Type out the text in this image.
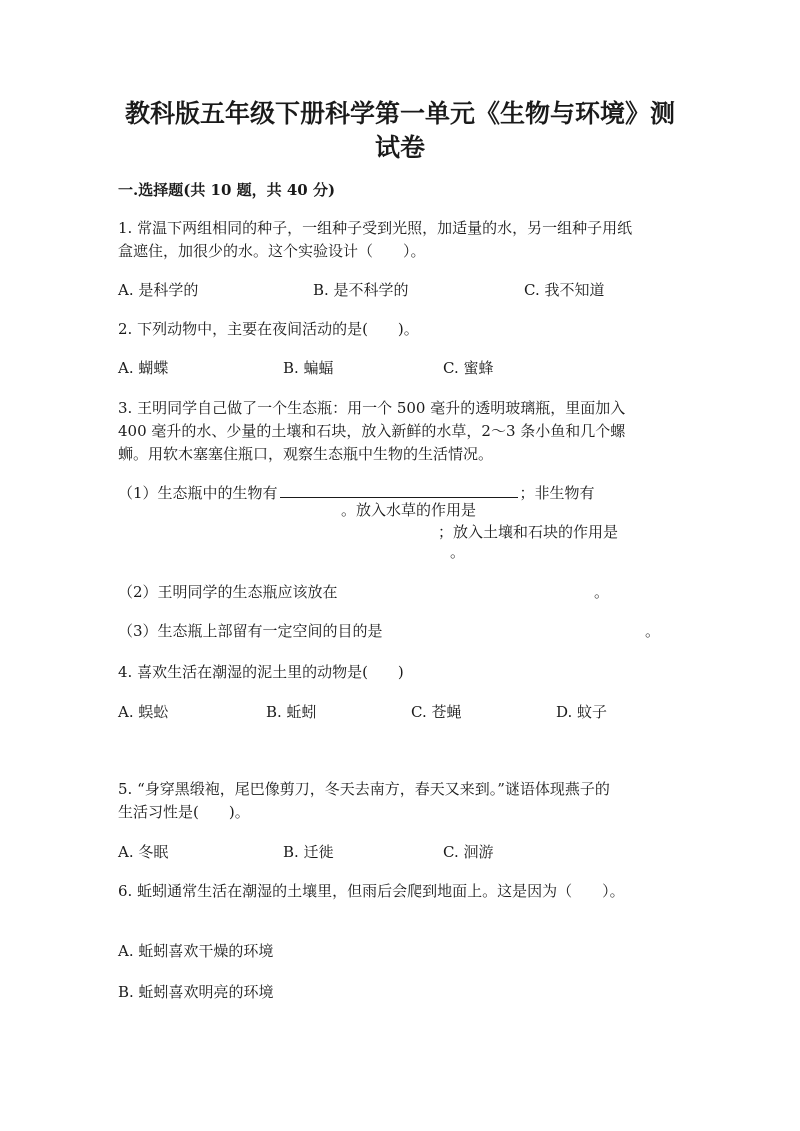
教科版五年级下册科学第一单元《生物与环境》测
试卷
一.选择题(共 10 题，共 40 分)
1. 常温下两组相同的种子，一组种子受到光照，加适量的水，另一组种子用纸
盒遮住，加很少的水。这个实验设计（　　）。
A. 是科学的	B. 是不科学的	C. 我不知道
2. 下列动物中，主要在夜间活动的是(　　)。
A. 蝴蝶	B. 蝙蝠	C. 蜜蜂
3. 王明同学自己做了一个生态瓶：用一个 500 毫升的透明玻璃瓶，里面加入
400 毫升的水、少量的土壤和石块，放入新鲜的水草，2～3 条小鱼和几个螺
蛳。用软木塞塞住瓶口，观察生态瓶中生物的生活情况。
（1）生态瓶中的生物有	；非生物有
。放入水草的作用是
；放入土壤和石块的作用是
。
（2）王明同学的生态瓶应该放在	。
（3）生态瓶上部留有一定空间的目的是	。
4. 喜欢生活在潮湿的泥土里的动物是(　　)
A. 蜈蚣	B. 蚯蚓	C. 苍蝇	D. 蚊子
5. “身穿黑缎袍，尾巴像剪刀，冬天去南方，春天又来到。”谜语体现燕子的
生活习性是(　　)。
A. 冬眠	B. 迁徙	C. 洄游
6. 蚯蚓通常生活在潮湿的土壤里，但雨后会爬到地面上。这是因为（　　）。
A. 蚯蚓喜欢干燥的环境
B. 蚯蚓喜欢明亮的环境
